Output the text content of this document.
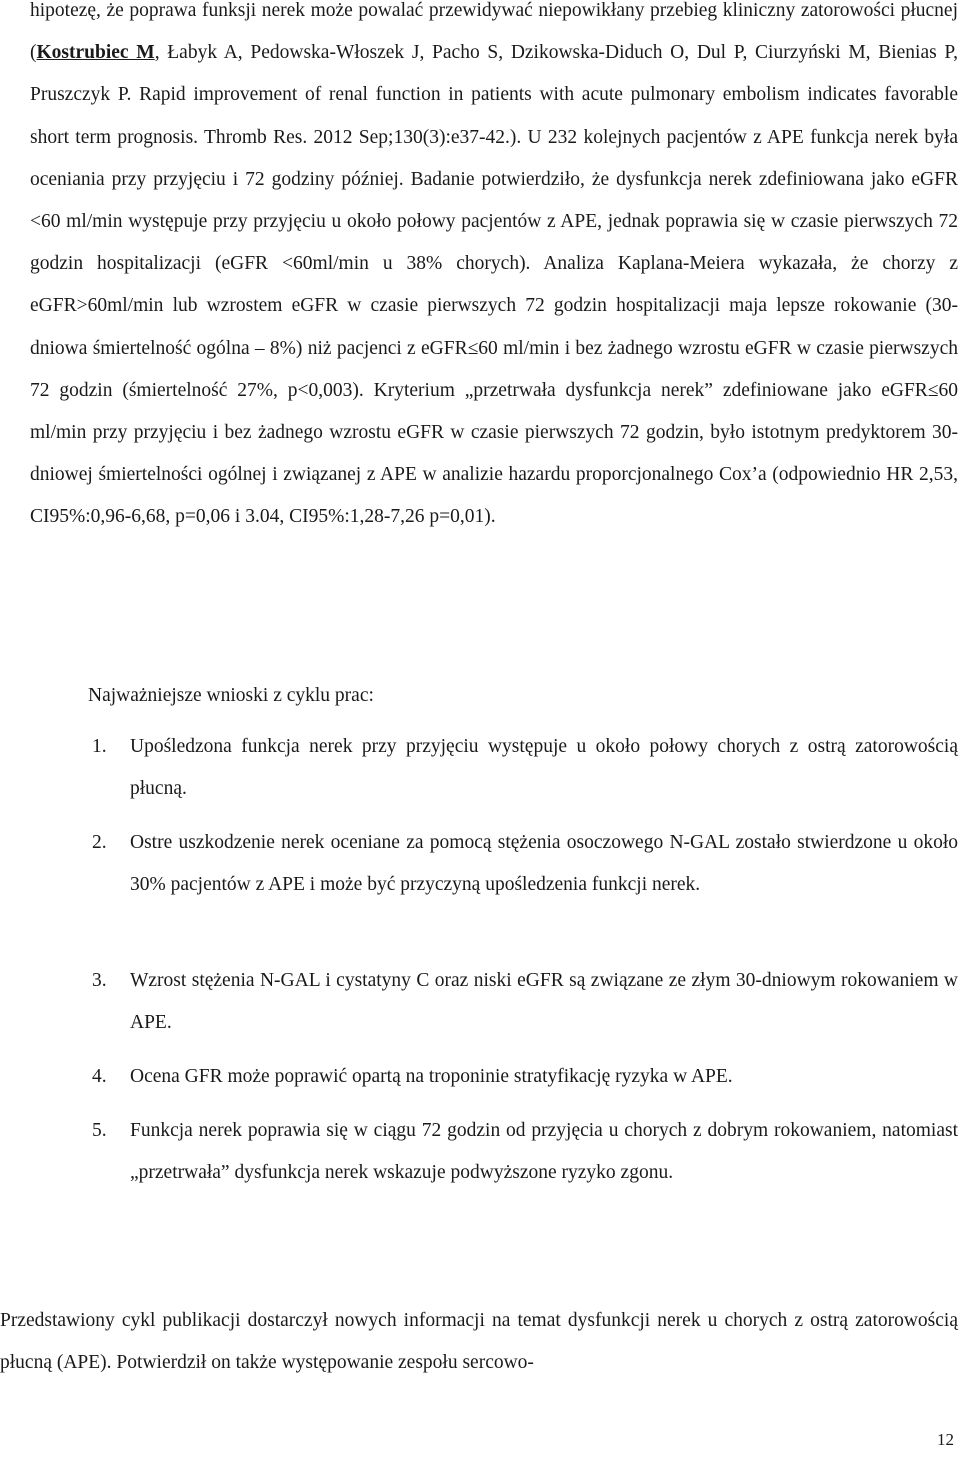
hipotezę, że poprawa funksji nerek może powalać przewidywać niepowikłany przebieg kliniczny zatorowości płucnej (Kostrubiec M, Łabyk A, Pedowska-Włoszek J, Pacho S, Dzikowska-Diduch O, Dul P, Ciurzyński M, Bienias P, Pruszczyk P. Rapid improvement of renal function in patients with acute pulmonary embolism indicates favorable short term prognosis. Thromb Res. 2012 Sep;130(3):e37-42.). U 232 kolejnych pacjentów z APE funkcja nerek była oceniania przy przyjęciu i 72 godziny później. Badanie potwierdziło, że dysfunkcja nerek zdefiniowana jako eGFR <60 ml/min występuje przy przyjęciu u około połowy pacjentów z APE, jednak poprawia się w czasie pierwszych 72 godzin hospitalizacji (eGFR <60ml/min u 38% chorych). Analiza Kaplana-Meiera wykazała, że chorzy z eGFR>60ml/min lub wzrostem eGFR w czasie pierwszych 72 godzin hospitalizacji maja lepsze rokowanie (30-dniowa śmiertelność ogólna – 8%) niż pacjenci z eGFR≤60 ml/min i bez żadnego wzrostu eGFR w czasie pierwszych 72 godzin (śmiertelność 27%, p<0,003). Kryterium „przetrwała dysfunkcja nerek” zdefiniowane jako eGFR≤60 ml/min przy przyjęciu i bez żadnego wzrostu eGFR w czasie pierwszych 72 godzin, było istotnym predyktorem 30-dniowej śmiertelności ogólnej i związanej z APE w analizie hazardu proporcjonalnego Cox’a (odpowiednio HR 2,53, CI95%:0,96-6,68, p=0,06 i 3.04, CI95%:1,28-7,26 p=0,01).

Najważniejsze wnioski z cyklu prac:

1. Upośledzona funkcja nerek przy przyjęciu występuje u około połowy chorych z ostrą zatorowością płucną.
2. Ostre uszkodzenie nerek oceniane za pomocą stężenia osoczowego N-GAL zostało stwierdzone u około 30% pacjentów z APE i może być przyczyną upośledzenia funkcji nerek.
3. Wzrost stężenia N-GAL i cystatyny C oraz niski eGFR są związane ze złym 30-dniowym rokowaniem w APE.
4. Ocena GFR może poprawić opartą na troponinie stratyfikację ryzyka w APE.
5. Funkcja nerek poprawia się w ciągu 72 godzin od przyjęcia u chorych z dobrym rokowaniem, natomiast „przetrwała” dysfunkcja nerek wskazuje podwyższone ryzyko zgonu.

Przedstawiony cykl publikacji dostarczył nowych informacji na temat dysfunkcji nerek u chorych z ostrą zatorowością płucną (APE). Potwierdził on także występowanie zespołu sercowo-

12
